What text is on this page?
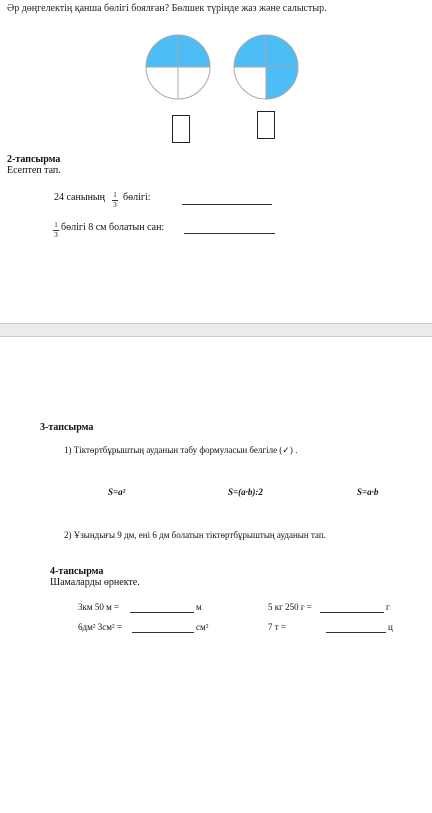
Әр дөңгелектің қанша бөлігі боялған? Бөлшек түрінде жаз және салыстыр.
2-тапсырма
Есептеп тап.
24 санының 1
3
бөлігі:
1
3
бөлігі 8 см болатын сан:
3-тапсырма
1) Тіктөртбұрыштың ауданын табу формуласын белгіле (✓) .
S=a²	S=(a·b):2	S=a·b
2) Ұзындығы 9 дм, ені 6 дм болатын тіктөртбұрыштың ауданын тап.
4-тапсырма
Шамаларды өрнекте.
3км 50 м =	м	5 кг 250 г =	г
6дм² 3см² =	см²	7 т =	ц
